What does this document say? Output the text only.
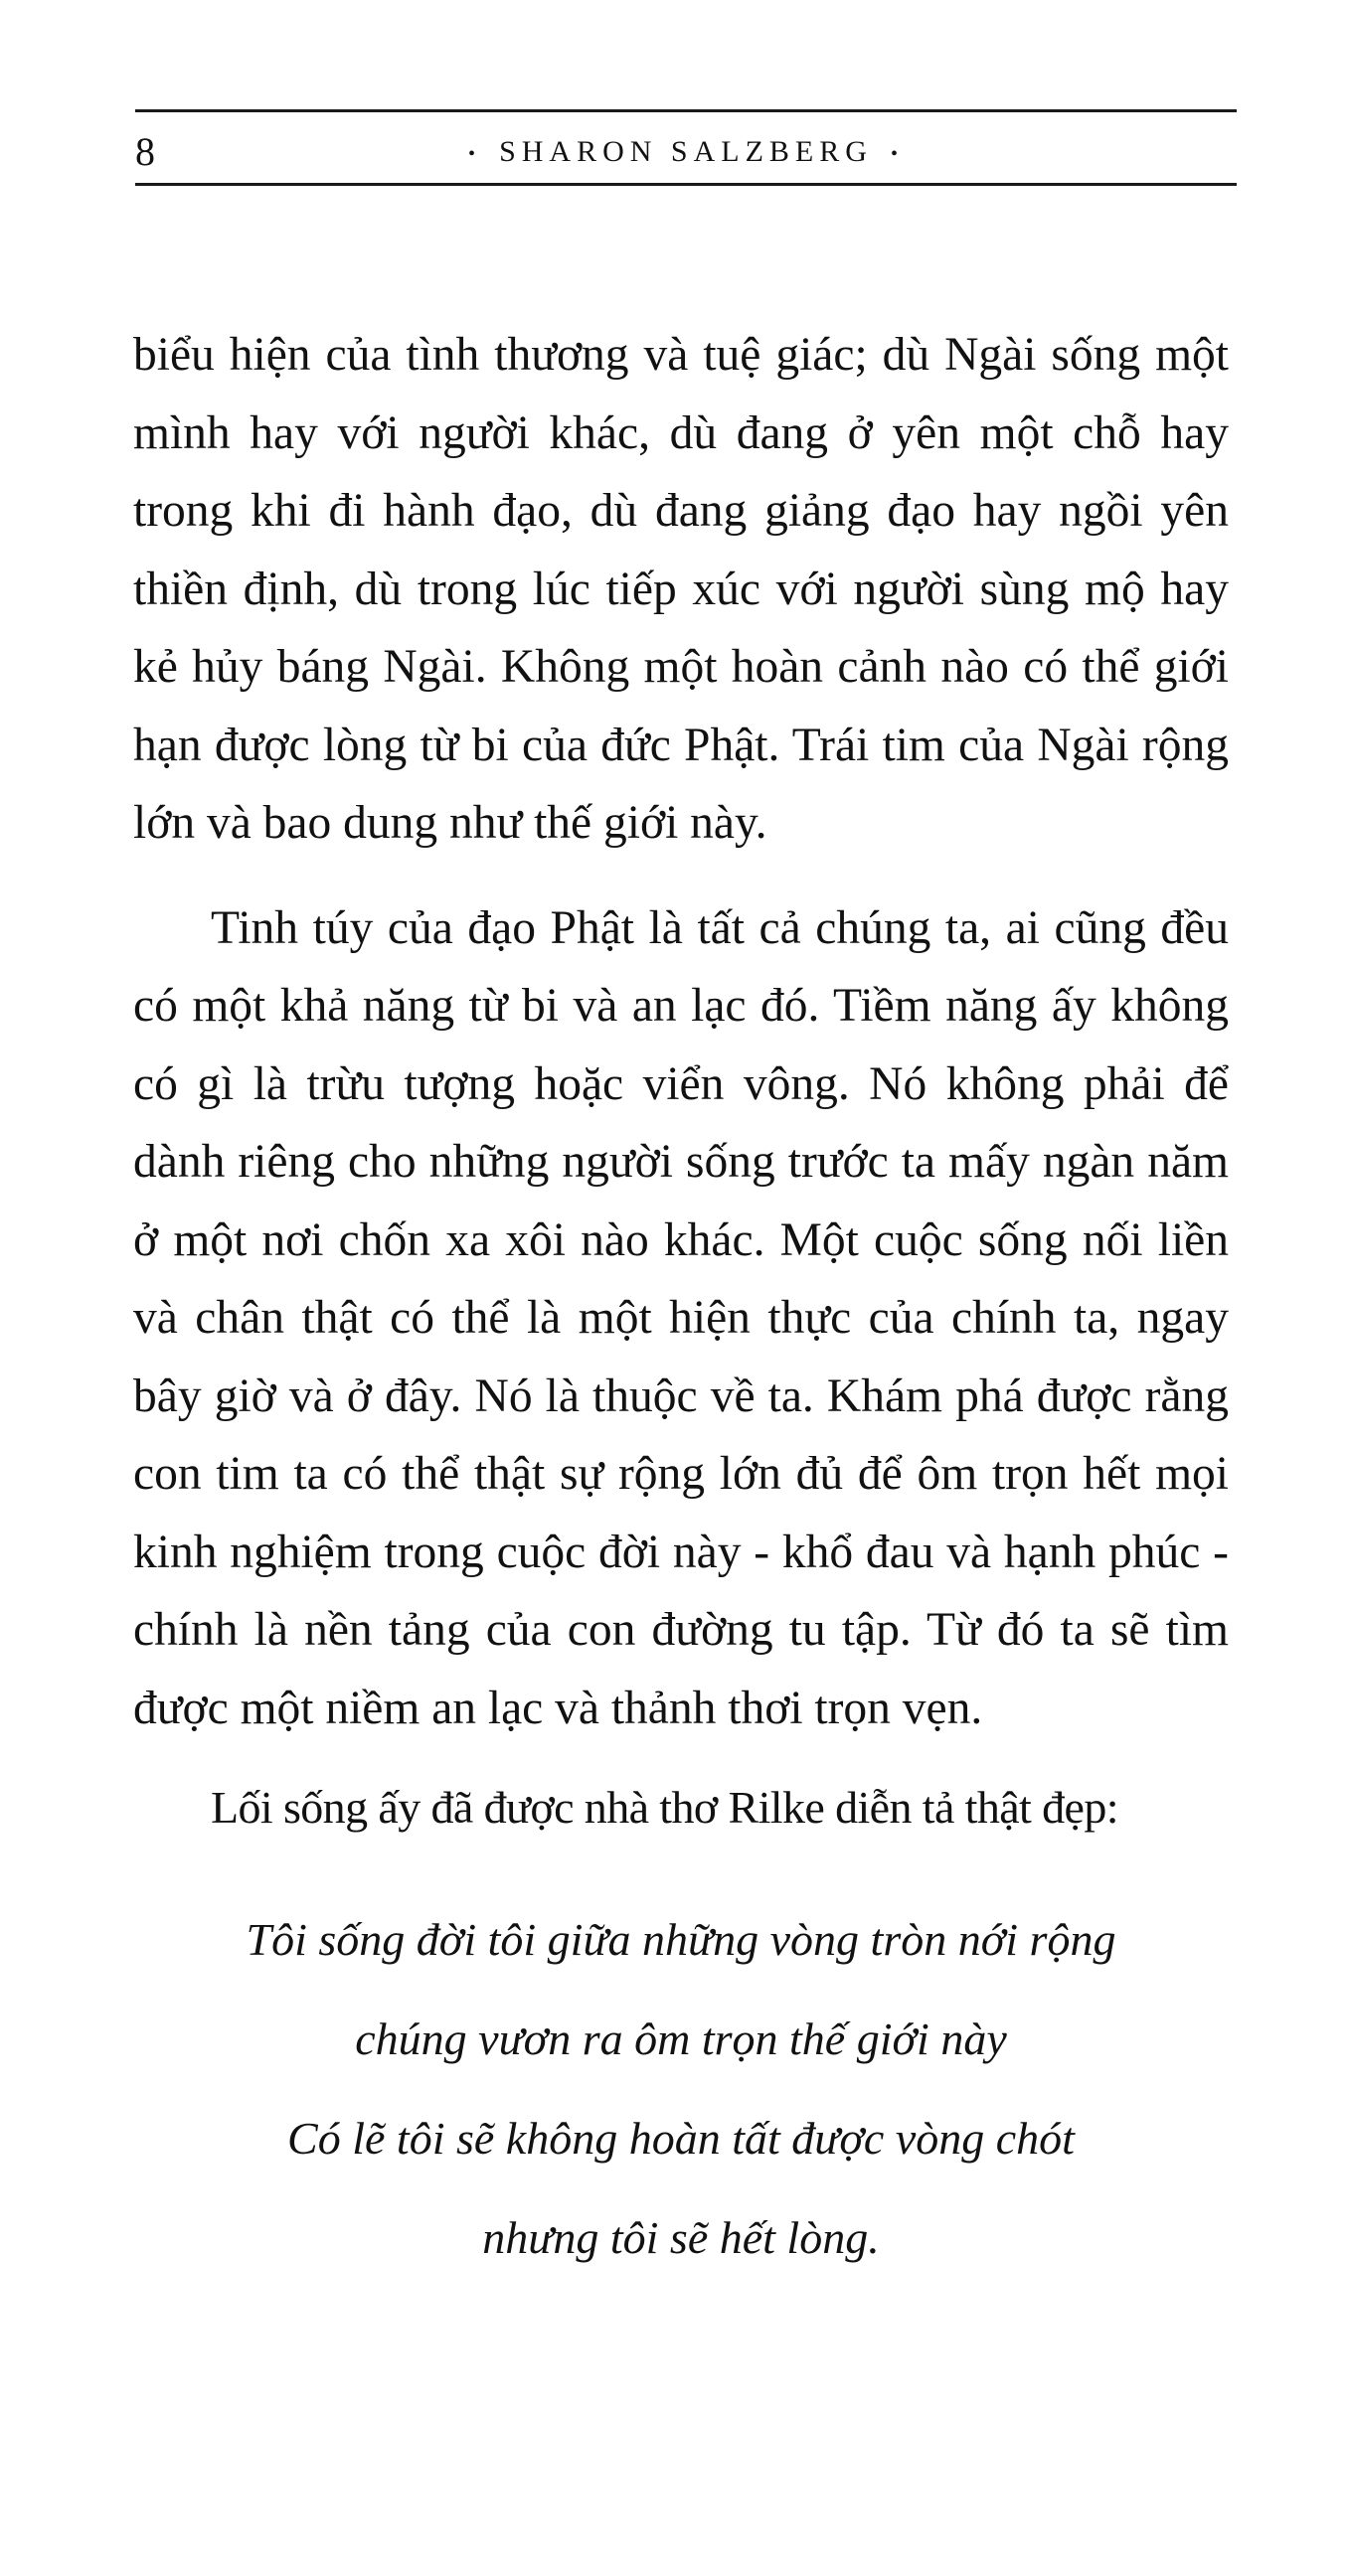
8	• SHARON SALZBERG •

biểu hiện của tình thương và tuệ giác; dù Ngài sống một mình hay với người khác, dù đang ở yên một chỗ hay trong khi đi hành đạo, dù đang giảng đạo hay ngồi yên thiền định, dù trong lúc tiếp xúc với người sùng mộ hay kẻ hủy báng Ngài. Không một hoàn cảnh nào có thể giới hạn được lòng từ bi của đức Phật. Trái tim của Ngài rộng lớn và bao dung như thế giới này.

Tinh túy của đạo Phật là tất cả chúng ta, ai cũng đều có một khả năng từ bi và an lạc đó. Tiềm năng ấy không có gì là trừu tượng hoặc viển vông. Nó không phải để dành riêng cho những người sống trước ta mấy ngàn năm ở một nơi chốn xa xôi nào khác. Một cuộc sống nối liền và chân thật có thể là một hiện thực của chính ta, ngay bây giờ và ở đây. Nó là thuộc về ta. Khám phá được rằng con tim ta có thể thật sự rộng lớn đủ để ôm trọn hết mọi kinh nghiệm trong cuộc đời này - khổ đau và hạnh phúc - chính là nền tảng của con đường tu tập. Từ đó ta sẽ tìm được một niềm an lạc và thảnh thơi trọn vẹn.

Lối sống ấy đã được nhà thơ Rilke diễn tả thật đẹp:

Tôi sống đời tôi giữa những vòng tròn nới rộng
chúng vươn ra ôm trọn thế giới này
Có lẽ tôi sẽ không hoàn tất được vòng chót
nhưng tôi sẽ hết lòng.
